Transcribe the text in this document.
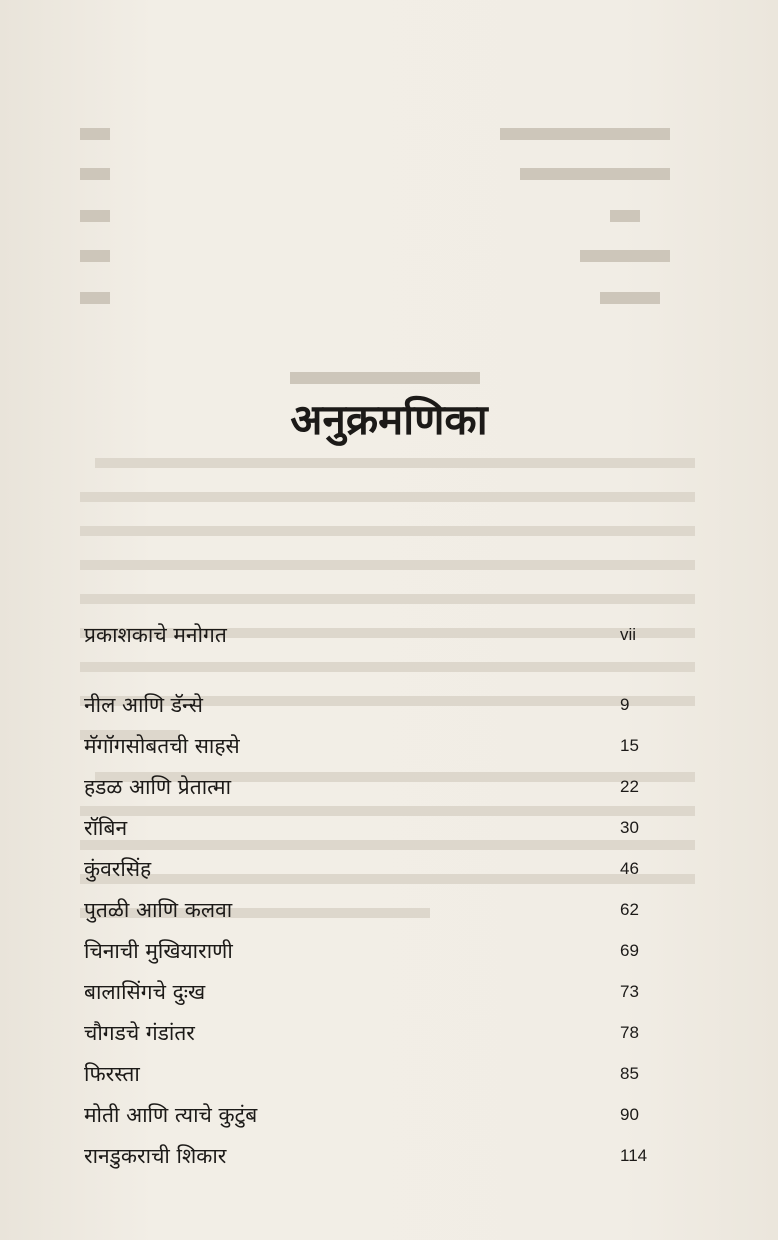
अनुक्रमणिका
प्रकाशकाचे मनोगत	vii
नील आणि डॅन्से	9
मॅगॉगसोबतची साहसे	15
हडळ आणि प्रेतात्मा	22
रॉबिन	30
कुंवरसिंह	46
पुतळी आणि कलवा	62
चिनाची मुखियाराणी	69
बालासिंगचे दुःख	73
चौगडचे गंडांतर	78
फिरस्ता	85
मोती आणि त्याचे कुटुंब	90
रानडुकराची शिकार	114
